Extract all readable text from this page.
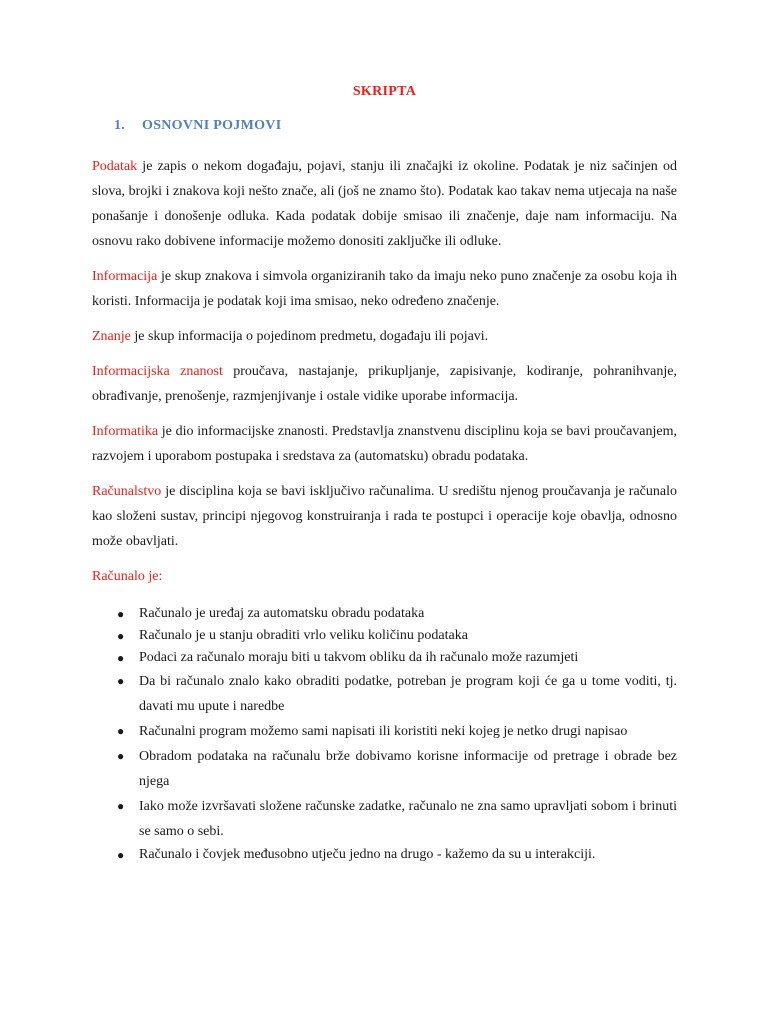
SKRIPTA
1. OSNOVNI POJMOVI

Podatak je zapis o nekom događaju, pojavi, stanju ili značajki iz okoline. Podatak je niz sačinjen od slova, brojki i znakova koji nešto znače, ali (još ne znamo što). Podatak kao takav nema utjecaja na naše ponašanje i donošenje odluka. Kada podatak dobije smisao ili značenje, daje nam informaciju. Na osnovu rako dobivene informacije možemo donositi zaključke ili odluke.

Informacija je skup znakova i simvola organiziranih tako da imaju neko puno značenje za osobu koja ih koristi. Informacija je podatak koji ima smisao, neko određeno značenje.

Znanje je skup informacija o pojedinom predmetu, događaju ili pojavi.

Informacijska znanost proučava, nastajanje, prikupljanje, zapisivanje, kodiranje, pohranihvanje, obrađivanje, prenošenje, razmjenjivanje i ostale vidike uporabe informacija.

Informatika je dio informacijske znanosti. Predstavlja znanstvenu disciplinu koja se bavi proučavanjem, razvojem i uporabom postupaka i sredstava za (automatsku) obradu podataka.

Računalstvo je disciplina koja se bavi isključivo računalima. U središtu njenog proučavanja je računalo kao složeni sustav, principi njegovog konstruiranja i rada te postupci i operacije koje obavlja, odnosno može obavljati.

Računalo je:

● Računalo je uređaj za automatsku obradu podataka
● Računalo je u stanju obraditi vrlo veliku količinu podataka
● Podaci za računalo moraju biti u takvom obliku da ih računalo može razumjeti
● Da bi računalo znalo kako obraditi podatke, potreban je program koji će ga u tome voditi, tj. davati mu upute i naredbe
● Računalni program možemo sami napisati ili koristiti neki kojeg je netko drugi napisao
● Obradom podataka na računalu brže dobivamo korisne informacije od pretrage i obrade bez njega
● Iako može izvršavati složene računske zadatke, računalo ne zna samo upravljati sobom i brinuti se samo o sebi.
● Računalo i čovjek međusobno utječu jedno na drugo - kažemo da su u interakciji.
